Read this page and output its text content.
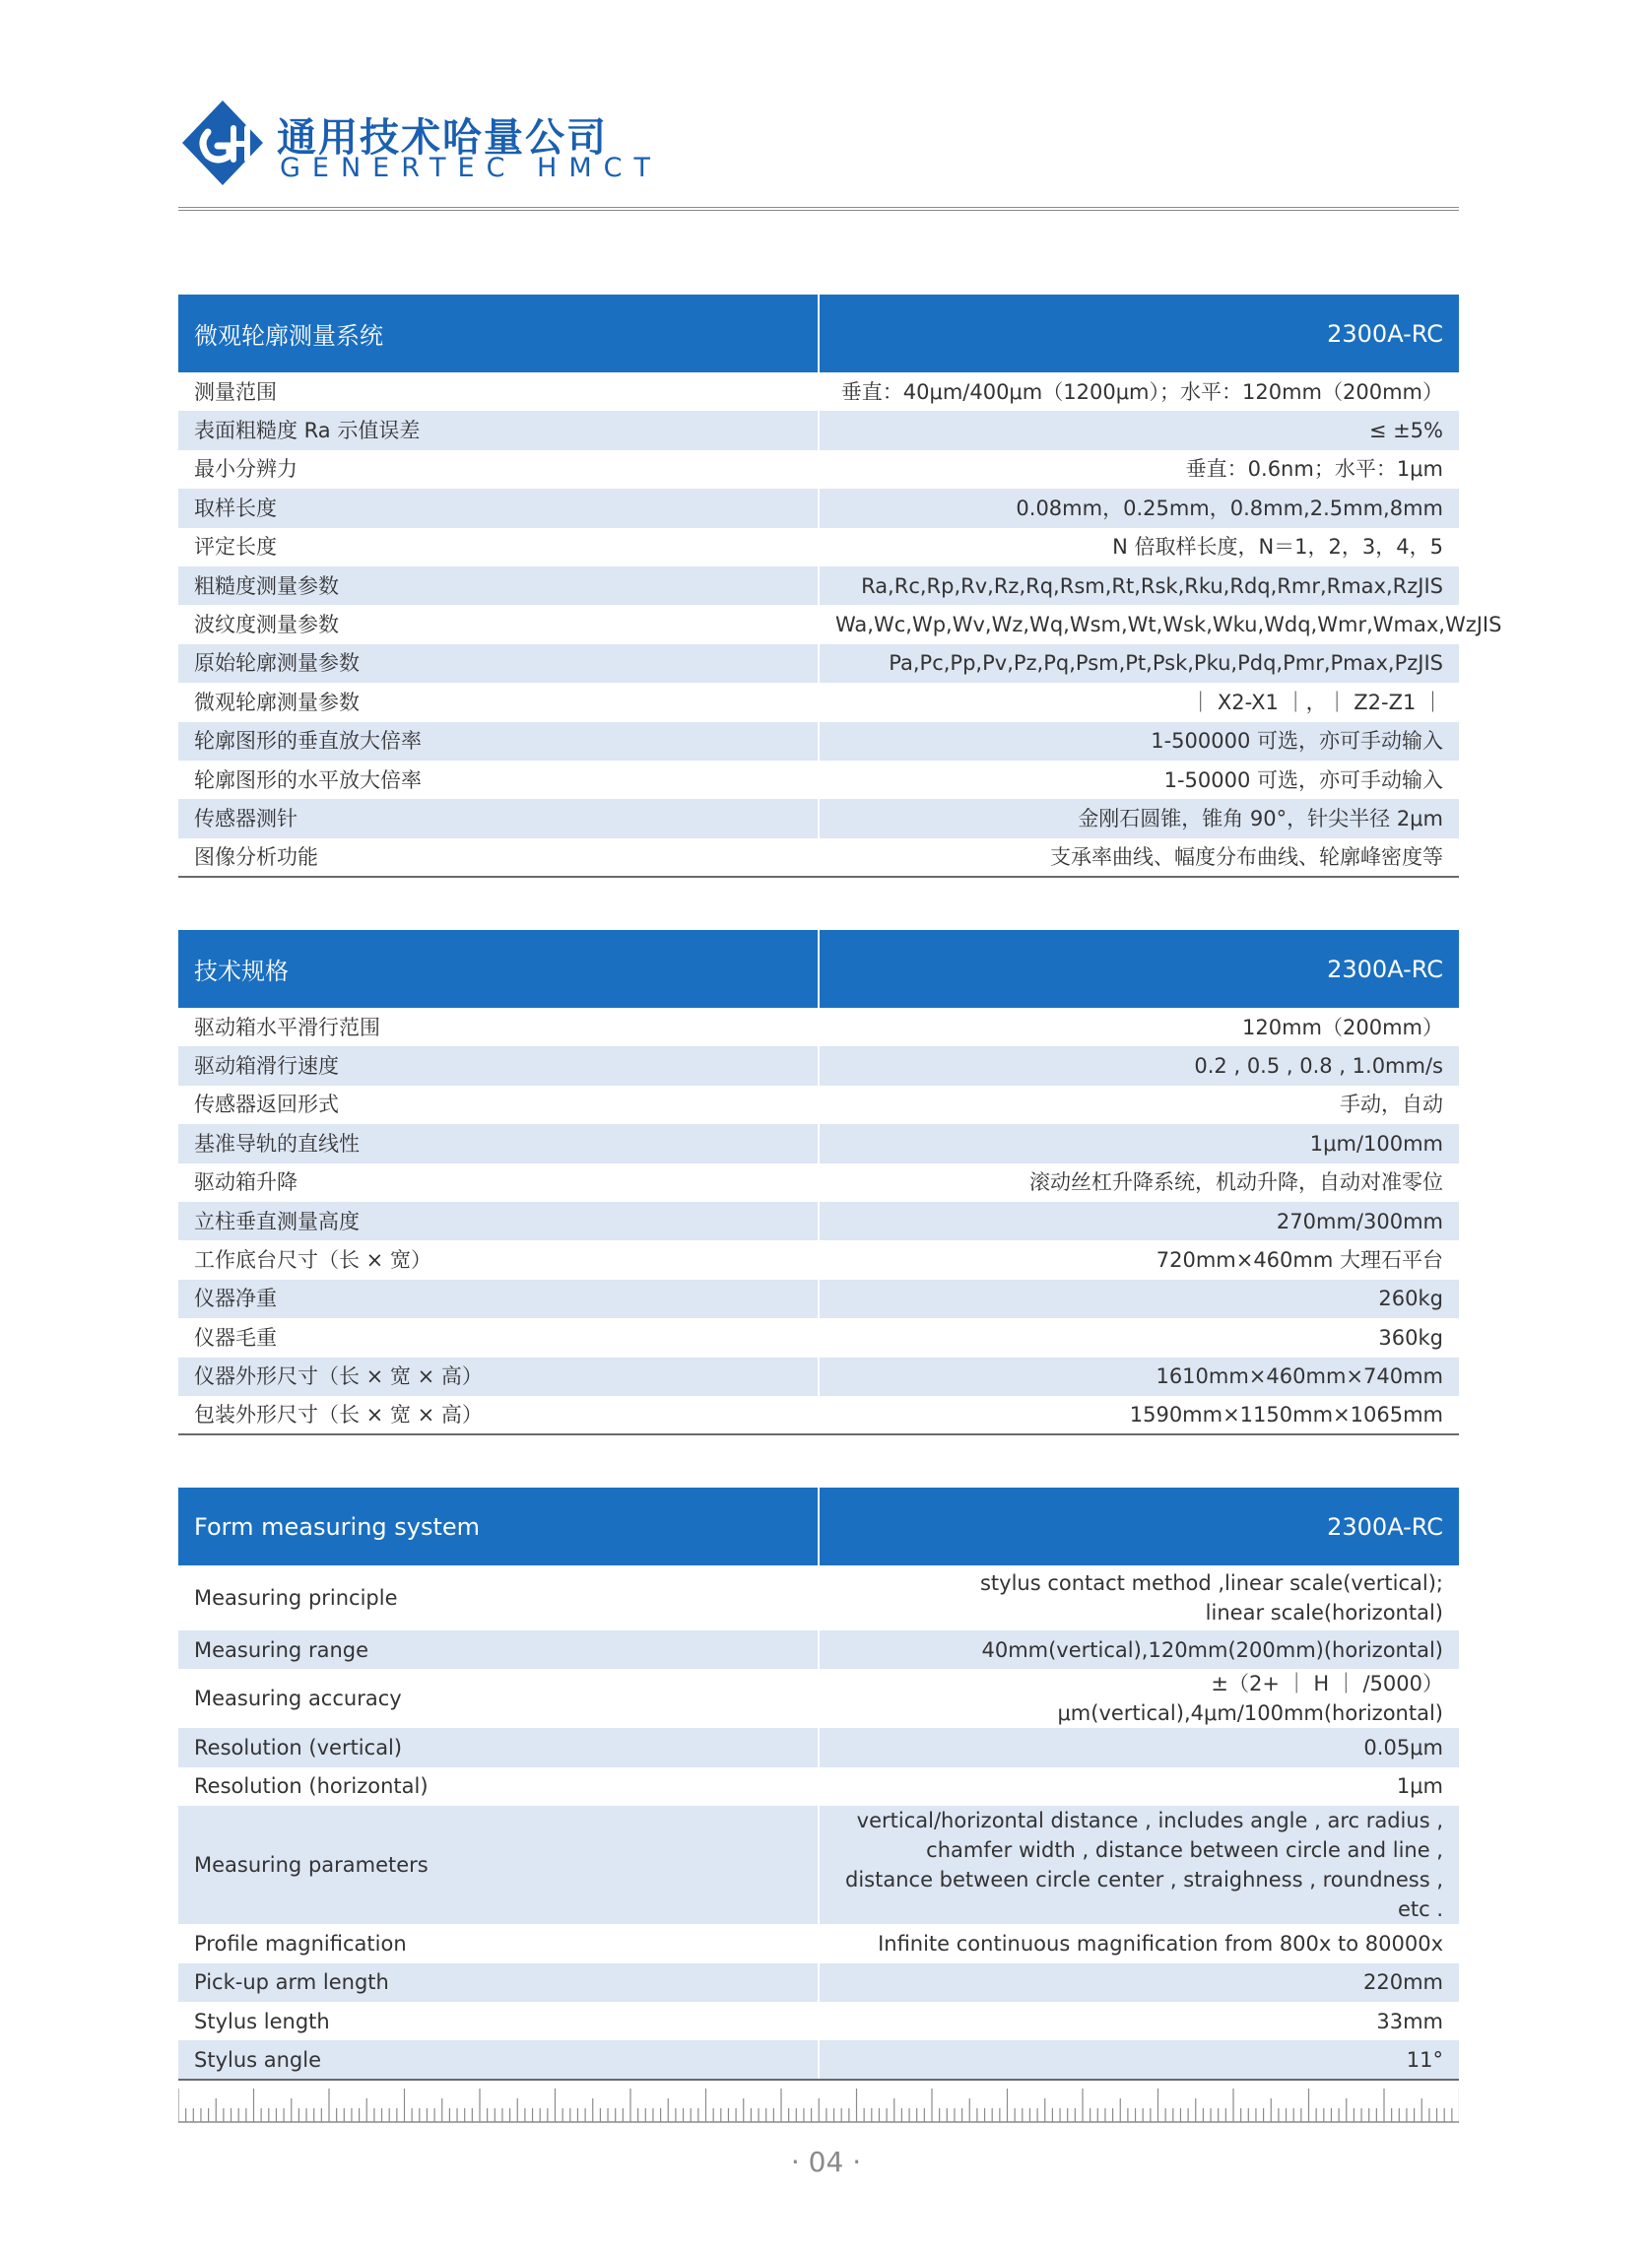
通用技术哈量公司
GENERTEC HMCT
微观轮廓测量系统	2300A-RC
测量范围	垂直：40μm/400μm（1200μm）；水平：120mm（200mm）
表面粗糙度 Ra 示值误差	≤ ±5%
最小分辨力	垂直：0.6nm；水平：1μm
取样长度	0.08mm，0.25mm，0.8mm,2.5mm,8mm
评定长度	N 倍取样长度，N＝1，2，3，4，5
粗糙度测量参数	Ra,Rc,Rp,Rv,Rz,Rq,Rsm,Rt,Rsk,Rku,Rdq,Rmr,Rmax,RzJIS
波纹度测量参数	Wa,Wc,Wp,Wv,Wz,Wq,Wsm,Wt,Wsk,Wku,Wdq,Wmr,Wmax,WzJIS
原始轮廓测量参数	Pa,Pc,Pp,Pv,Pz,Pq,Psm,Pt,Psk,Pku,Pdq,Pmr,Pmax,PzJIS
微观轮廓测量参数	｜ X2-X1 ｜，｜ Z2-Z1 ｜
轮廓图形的垂直放大倍率	1-500000 可选，亦可手动输入
轮廓图形的水平放大倍率	1-50000 可选，亦可手动输入
传感器测针	金刚石圆锥，锥角 90°，针尖半径 2μm
图像分析功能	支承率曲线、幅度分布曲线、轮廓峰密度等
技术规格	2300A-RC
驱动箱水平滑行范围	120mm（200mm）
驱动箱滑行速度	0.2 , 0.5 , 0.8 , 1.0mm/s
传感器返回形式	手动，自动
基准导轨的直线性	1μm/100mm
驱动箱升降	滚动丝杠升降系统，机动升降，自动对准零位
立柱垂直测量高度	270mm/300mm
工作底台尺寸（长 × 宽）	720mm×460mm 大理石平台
仪器净重	260kg
仪器毛重	360kg
仪器外形尺寸（长 × 宽 × 高）	1610mm×460mm×740mm
包装外形尺寸（长 × 宽 × 高）	1590mm×1150mm×1065mm
Form measuring system	2300A-RC
Measuring principle	stylus contact method ,linear scale(vertical);
linear scale(horizontal)
Measuring range	40mm(vertical),120mm(200mm)(horizontal)
Measuring accuracy	±（2+ ｜ H ｜ /5000）μm(vertical),4μm/100mm(horizontal)
Resolution (vertical)	0.05μm
Resolution (horizontal)	1μm
Measuring parameters	vertical/horizontal distance , includes angle , arc radius ,
chamfer width , distance between circle and line ,
distance between circle center , straighness , roundness , etc .
Profile magnification	Infinite continuous magnification from 800x to 80000x
Pick-up arm length	220mm
Stylus length	33mm
Stylus angle	11°
· 04 ·
